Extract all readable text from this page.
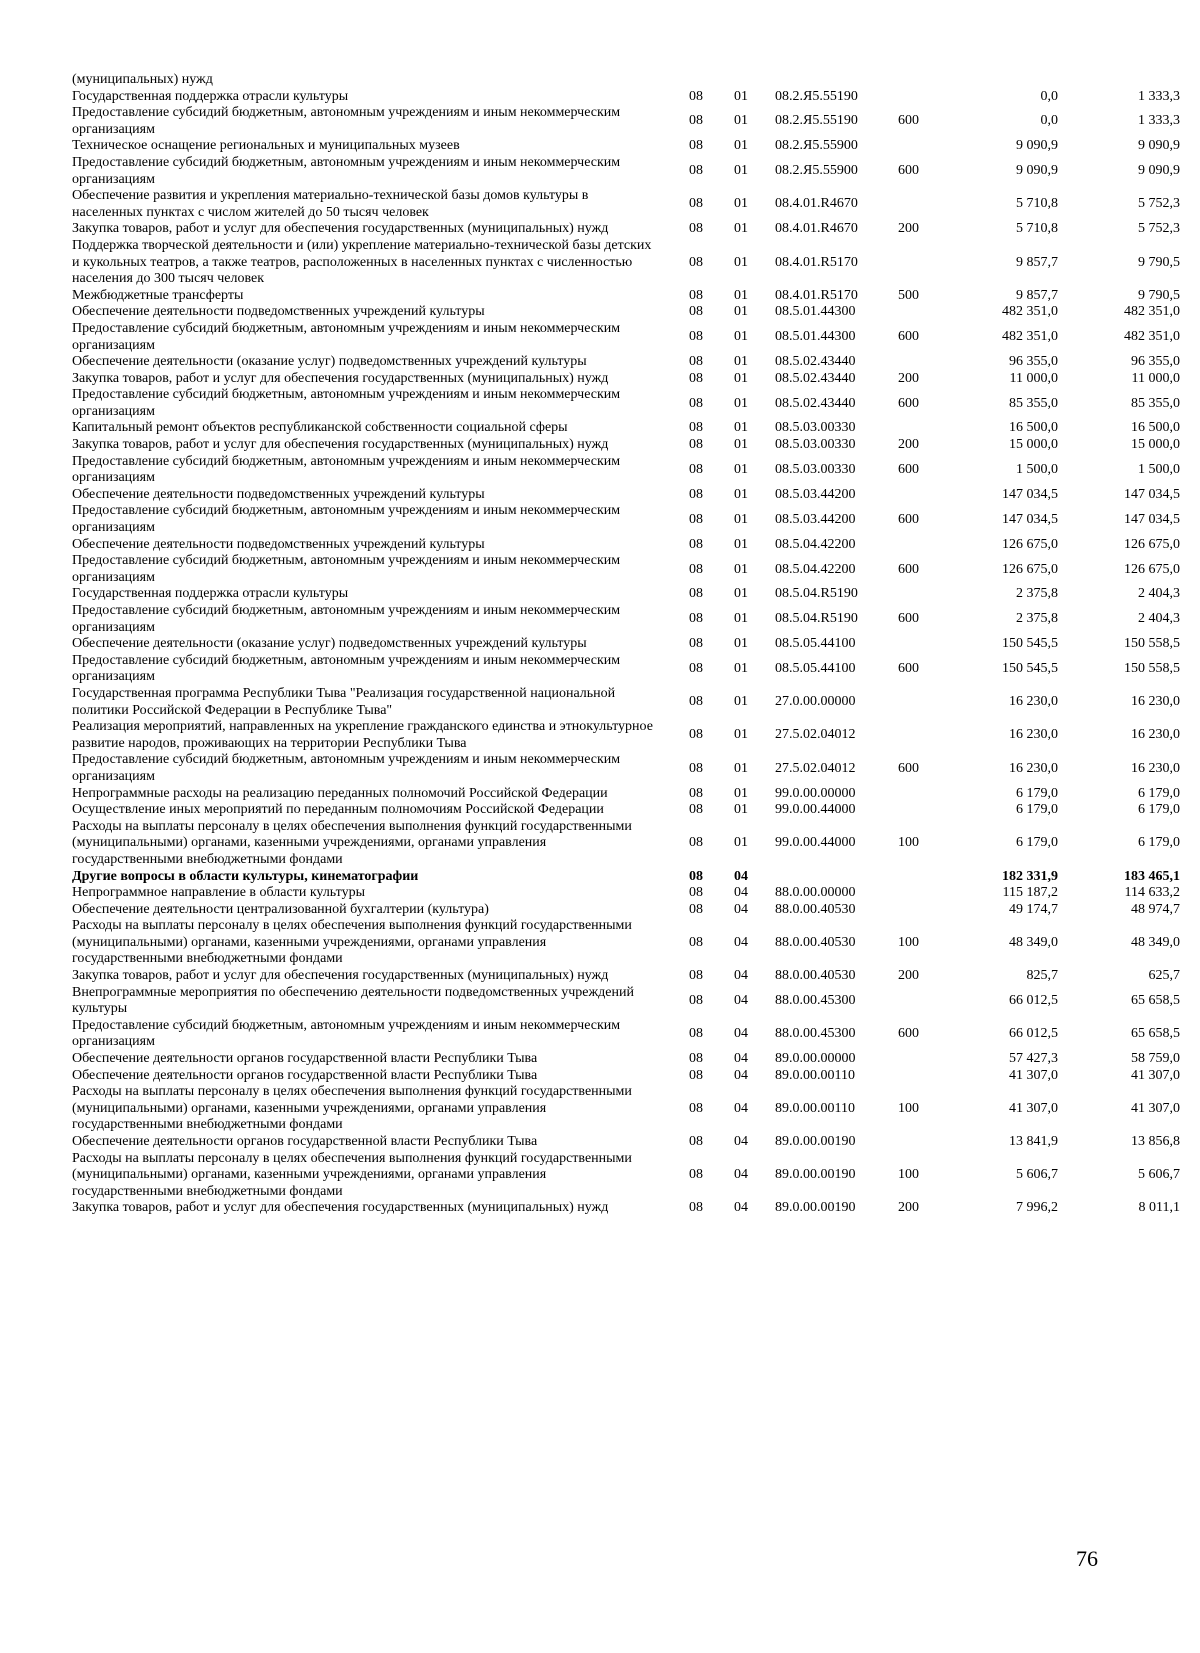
(муниципальных) нужд						
Государственная поддержка отрасли культуры	08	01	08.2.Я5.55190		0,0	1 333,3
Предоставление субсидий бюджетным, автономным учреждениям и иным некоммерческим организациям	08	01	08.2.Я5.55190	600	0,0	1 333,3
Техническое оснащение региональных и муниципальных музеев	08	01	08.2.Я5.55900		9 090,9	9 090,9
Предоставление субсидий бюджетным, автономным учреждениям и иным некоммерческим организациям	08	01	08.2.Я5.55900	600	9 090,9	9 090,9
Обеспечение развития и укрепления материально-технической базы домов культуры в населенных пунктах с числом жителей до 50 тысяч человек	08	01	08.4.01.R4670		5 710,8	5 752,3
Закупка товаров, работ и услуг для обеспечения государственных (муниципальных) нужд	08	01	08.4.01.R4670	200	5 710,8	5 752,3
Поддержка творческой деятельности и (или) укрепление материально-технической базы детских и кукольных театров, а также театров, расположенных в населенных пунктах с численностью населения до 300 тысяч человек	08	01	08.4.01.R5170		9 857,7	9 790,5
Межбюджетные трансферты	08	01	08.4.01.R5170	500	9 857,7	9 790,5
Обеспечение деятельности подведомственных учреждений культуры	08	01	08.5.01.44300		482 351,0	482 351,0
Предоставление субсидий бюджетным, автономным учреждениям и иным некоммерческим организациям	08	01	08.5.01.44300	600	482 351,0	482 351,0
Обеспечение деятельности (оказание услуг) подведомственных учреждений культуры	08	01	08.5.02.43440		96 355,0	96 355,0
Закупка товаров, работ и услуг для обеспечения государственных (муниципальных) нужд	08	01	08.5.02.43440	200	11 000,0	11 000,0
Предоставление субсидий бюджетным, автономным учреждениям и иным некоммерческим организациям	08	01	08.5.02.43440	600	85 355,0	85 355,0
Капитальный ремонт объектов республиканской собственности социальной сферы	08	01	08.5.03.00330		16 500,0	16 500,0
Закупка товаров, работ и услуг для обеспечения государственных (муниципальных) нужд	08	01	08.5.03.00330	200	15 000,0	15 000,0
Предоставление субсидий бюджетным, автономным учреждениям и иным некоммерческим организациям	08	01	08.5.03.00330	600	1 500,0	1 500,0
Обеспечение деятельности подведомственных учреждений культуры	08	01	08.5.03.44200		147 034,5	147 034,5
Предоставление субсидий бюджетным, автономным учреждениям и иным некоммерческим организациям	08	01	08.5.03.44200	600	147 034,5	147 034,5
Обеспечение деятельности подведомственных учреждений культуры	08	01	08.5.04.42200		126 675,0	126 675,0
Предоставление субсидий бюджетным, автономным учреждениям и иным некоммерческим организациям	08	01	08.5.04.42200	600	126 675,0	126 675,0
Государственная поддержка отрасли культуры	08	01	08.5.04.R5190		2 375,8	2 404,3
Предоставление субсидий бюджетным, автономным учреждениям и иным некоммерческим организациям	08	01	08.5.04.R5190	600	2 375,8	2 404,3
Обеспечение деятельности (оказание услуг) подведомственных учреждений культуры	08	01	08.5.05.44100		150 545,5	150 558,5
Предоставление субсидий бюджетным, автономным учреждениям и иным некоммерческим организациям	08	01	08.5.05.44100	600	150 545,5	150 558,5
Государственная программа Республики Тыва "Реализация государственной национальной политики Российской Федерации в Республике Тыва"	08	01	27.0.00.00000		16 230,0	16 230,0
Реализация мероприятий, направленных на укрепление гражданского единства и этнокультурное развитие народов, проживающих на территории Республики Тыва	08	01	27.5.02.04012		16 230,0	16 230,0
Предоставление субсидий бюджетным, автономным учреждениям и иным некоммерческим организациям	08	01	27.5.02.04012	600	16 230,0	16 230,0
Непрограммные расходы на реализацию переданных полномочий Российской Федерации	08	01	99.0.00.00000		6 179,0	6 179,0
Осуществление иных мероприятий по переданным полномочиям Российской Федерации	08	01	99.0.00.44000		6 179,0	6 179,0
Расходы на выплаты персоналу в целях обеспечения выполнения функций государственными (муниципальными) органами, казенными учреждениями, органами управления государственными внебюджетными фондами	08	01	99.0.00.44000	100	6 179,0	6 179,0
Другие вопросы в области культуры, кинематографии	08	04			182 331,9	183 465,1
Непрограммное направление в области культуры	08	04	88.0.00.00000		115 187,2	114 633,2
Обеспечение деятельности централизованной бухгалтерии (культура)	08	04	88.0.00.40530		49 174,7	48 974,7
Расходы на выплаты персоналу в целях обеспечения выполнения функций государственными (муниципальными) органами, казенными учреждениями, органами управления государственными внебюджетными фондами	08	04	88.0.00.40530	100	48 349,0	48 349,0
Закупка товаров, работ и услуг для обеспечения государственных (муниципальных) нужд	08	04	88.0.00.40530	200	825,7	625,7
Внепрограммные мероприятия по обеспечению деятельности подведомственных учреждений культуры	08	04	88.0.00.45300		66 012,5	65 658,5
Предоставление субсидий бюджетным, автономным учреждениям и иным некоммерческим организациям	08	04	88.0.00.45300	600	66 012,5	65 658,5
Обеспечение деятельности органов государственной власти Республики Тыва	08	04	89.0.00.00000		57 427,3	58 759,0
Обеспечение деятельности органов государственной власти Республики Тыва	08	04	89.0.00.00110		41 307,0	41 307,0
Расходы на выплаты персоналу в целях обеспечения выполнения функций государственными (муниципальными) органами, казенными учреждениями, органами управления государственными внебюджетными фондами	08	04	89.0.00.00110	100	41 307,0	41 307,0
Обеспечение деятельности органов государственной власти Республики Тыва	08	04	89.0.00.00190		13 841,9	13 856,8
Расходы на выплаты персоналу в целях обеспечения выполнения функций государственными (муниципальными) органами, казенными учреждениями, органами управления государственными внебюджетными фондами	08	04	89.0.00.00190	100	5 606,7	5 606,7
Закупка товаров, работ и услуг для обеспечения государственных (муниципальных) нужд	08	04	89.0.00.00190	200	7 996,2	8 011,1
76
